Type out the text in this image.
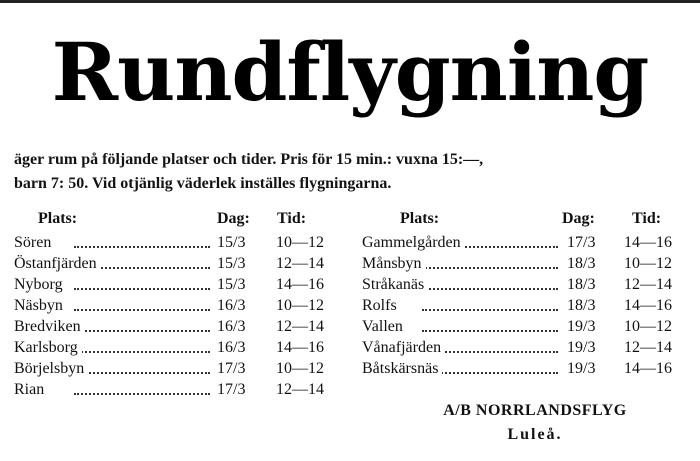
Rundflygning
äger rum på följande platser och tider. Pris för 15 min.: vuxna 15:—,
barn 7: 50. Vid otjänlig väderlek inställes flygningarna.
Plats:	Dag: Tid:
Sören	15/3 10—12
Östanfjärden	15/3 12—14
Nyborg	15/3 14—16
Näsbyn	16/3 10—12
Bredviken	16/3 12—14
Karlsborg	16/3 14—16
Börjelsbyn	17/3 10—12
Rian	17/3 12—14
Plats:	Dag: Tid:
Gammelgården	17/3 14—16
Månsbyn	18/3 10—12
Stråkanäs	18/3 12—14
Rolfs	18/3 14—16
Vallen	19/3 10—12
Vånafjärden	19/3 12—14
Båtskärsnäs	19/3 14—16
A/B NORRLANDSFLYG
Luleå.
